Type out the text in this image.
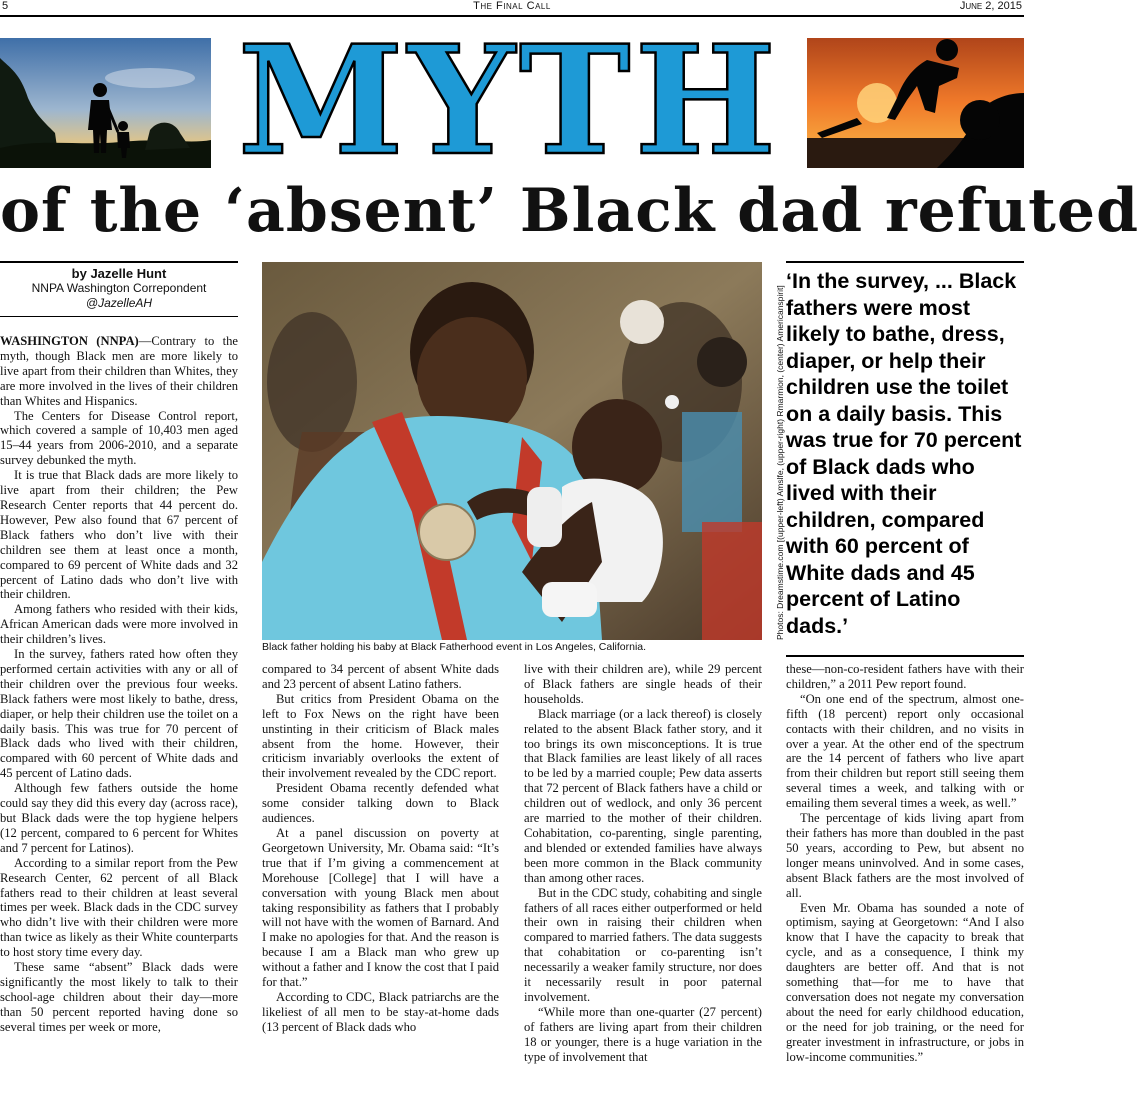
5	The Final Call	June 2, 2015
MYTH
of the ‘absent’ Black dad refuted
by Jazelle Hunt
NNPA Washington Correpondent
@JazelleAH

WASHINGTON (NNPA)—Contrary to the myth, though Black men are more likely to live apart from their children than Whites, they are more involved in the lives of their children than Whites and Hispanics.

The Centers for Disease Control report, which covered a sample of 10,403 men aged 15–44 years from 2006-2010, and a separate survey debunked the myth.

It is true that Black dads are more likely to live apart from their children; the Pew Research Center reports that 44 percent do. However, Pew also found that 67 percent of Black fathers who don’t live with their children see them at least once a month, compared to 69 percent of White dads and 32 percent of Latino dads who don’t live with their children.

Among fathers who resided with their kids, African American dads were more involved in their children’s lives.

In the survey, fathers rated how often they performed certain activities with any or all of their children over the previous four weeks. Black fathers were most likely to bathe, dress, diaper, or help their children use the toilet on a daily basis. This was true for 70 percent of Black dads who lived with their children, compared with 60 percent of White dads and 45 percent of Latino dads.

Although few fathers outside the home could say they did this every day (across race), but Black dads were the top hygiene helpers (12 percent, compared to 6 percent for Whites and 7 percent for Latinos).

According to a similar report from the Pew Research Center, 62 percent of all Black fathers read to their children at least several times per week. Black dads in the CDC survey who didn’t live with their children were more than twice as likely as their White counterparts to host story time every day.

These same “absent” Black dads were significantly the most likely to talk to their school-age children about their day—more than 50 percent reported having done so several times per week or more,

Photos: Dreamstime.com [(upper-left) Amslfe, (upper-right) Rmarmion, (center) Americanspirit]
Black father holding his baby at Black Fatherhood event in Los Angeles, California.
‘In the survey, ... Black fathers were most likely to bathe, dress, diaper, or help their children use the toilet on a daily basis. This was true for 70 percent of Black dads who lived with their children, compared with 60 percent of White dads and 45 percent of Latino dads.’

compared to 34 percent of absent White dads and 23 percent of absent Latino fathers.

But critics from President Obama on the left to Fox News on the right have been unstinting in their criticism of Black males absent from the home. However, their criticism invariably overlooks the extent of their involvement revealed by the CDC report.

President Obama recently defended what some consider talking down to Black audiences.

At a panel discussion on poverty at Georgetown University, Mr. Obama said: “It’s true that if I’m giving a commencement at Morehouse [College] that I will have a conversation with young Black men about taking responsibility as fathers that I probably will not have with the women of Barnard. And I make no apologies for that. And the reason is because I am a Black man who grew up without a father and I know the cost that I paid for that.”

According to CDC, Black patriarchs are the likeliest of all men to be stay-at-home dads (13 percent of Black dads who

live with their children are), while 29 percent of Black fathers are single heads of their households.

Black marriage (or a lack thereof) is closely related to the absent Black father story, and it too brings its own misconceptions. It is true that Black families are least likely of all races to be led by a married couple; Pew data asserts that 72 percent of Black fathers have a child or children out of wedlock, and only 36 percent are married to the mother of their children. Cohabitation, co-parenting, single parenting, and blended or extended families have always been more common in the Black community than among other races.

But in the CDC study, cohabiting and single fathers of all races either outperformed or held their own in raising their children when compared to married fathers. The data suggests that cohabitation or co-parenting isn’t necessarily a weaker family structure, nor does it necessarily result in poor paternal involvement.

“While more than one-quarter (27 percent) of fathers are living apart from their children 18 or younger, there is a huge variation in the type of involvement that

these—non-co-resident fathers have with their children,” a 2011 Pew report found.

“On one end of the spectrum, almost one-fifth (18 percent) report only occasional contacts with their children, and no visits in over a year. At the other end of the spectrum are the 14 percent of fathers who live apart from their children but report still seeing them several times a week, and talking with or emailing them several times a week, as well.”

The percentage of kids living apart from their fathers has more than doubled in the past 50 years, according to Pew, but absent no longer means uninvolved. And in some cases, absent Black fathers are the most involved of all.

Even Mr. Obama has sounded a note of optimism, saying at Georgetown: “And I also know that I have the capacity to break that cycle, and as a consequence, I think my daughters are better off. And that is not something that—for me to have that conversation does not negate my conversation about the need for early childhood education, or the need for job training, or the need for greater investment in infrastructure, or jobs in low-income communities.”
